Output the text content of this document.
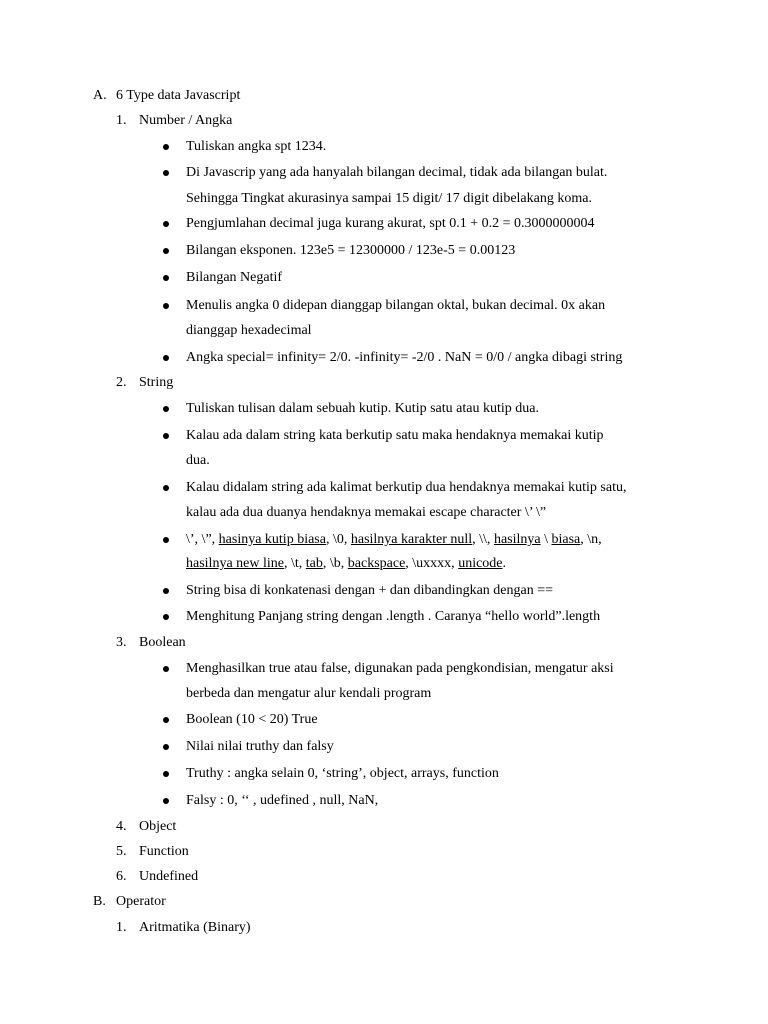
A. 6 Type data Javascript
1. Number / Angka
Tuliskan angka spt 1234.
Di Javascrip yang ada hanyalah bilangan decimal, tidak ada bilangan bulat.
Sehingga Tingkat akurasinya sampai 15 digit/ 17 digit dibelakang koma.
Pengjumlahan decimal juga kurang akurat, spt 0.1 + 0.2 = 0.3000000004
Bilangan eksponen. 123e5 = 12300000 / 123e-5 = 0.00123
Bilangan Negatif
Menulis angka 0 didepan dianggap bilangan oktal, bukan decimal. 0x akan
dianggap hexadecimal
Angka special= infinity= 2/0. -infinity= -2/0 . NaN = 0/0 / angka dibagi string
2. String
Tuliskan tulisan dalam sebuah kutip. Kutip satu atau kutip dua.
Kalau ada dalam string kata berkutip satu maka hendaknya memakai kutip
dua.
Kalau didalam string ada kalimat berkutip dua hendaknya memakai kutip satu,
kalau ada dua duanya hendaknya memakai escape character \’ \”
\’, \”, hasinya kutip biasa, \0, hasilnya karakter null, \\, hasilnya \ biasa, \n,
hasilnya new line, \t, tab, \b, backspace, \uxxxx, unicode.
String bisa di konkatenasi dengan + dan dibandingkan dengan ==
Menghitung Panjang string dengan .length . Caranya “hello world”.length
3. Boolean
Menghasilkan true atau false, digunakan pada pengkondisian, mengatur aksi
berbeda dan mengatur alur kendali program
Boolean (10 < 20) True
Nilai nilai truthy dan falsy
Truthy : angka selain 0, ‘string’, object, arrays, function
Falsy : 0, ‘‘ , udefined , null, NaN,
4. Object
5. Function
6. Undefined
B. Operator
1. Aritmatika (Binary)
